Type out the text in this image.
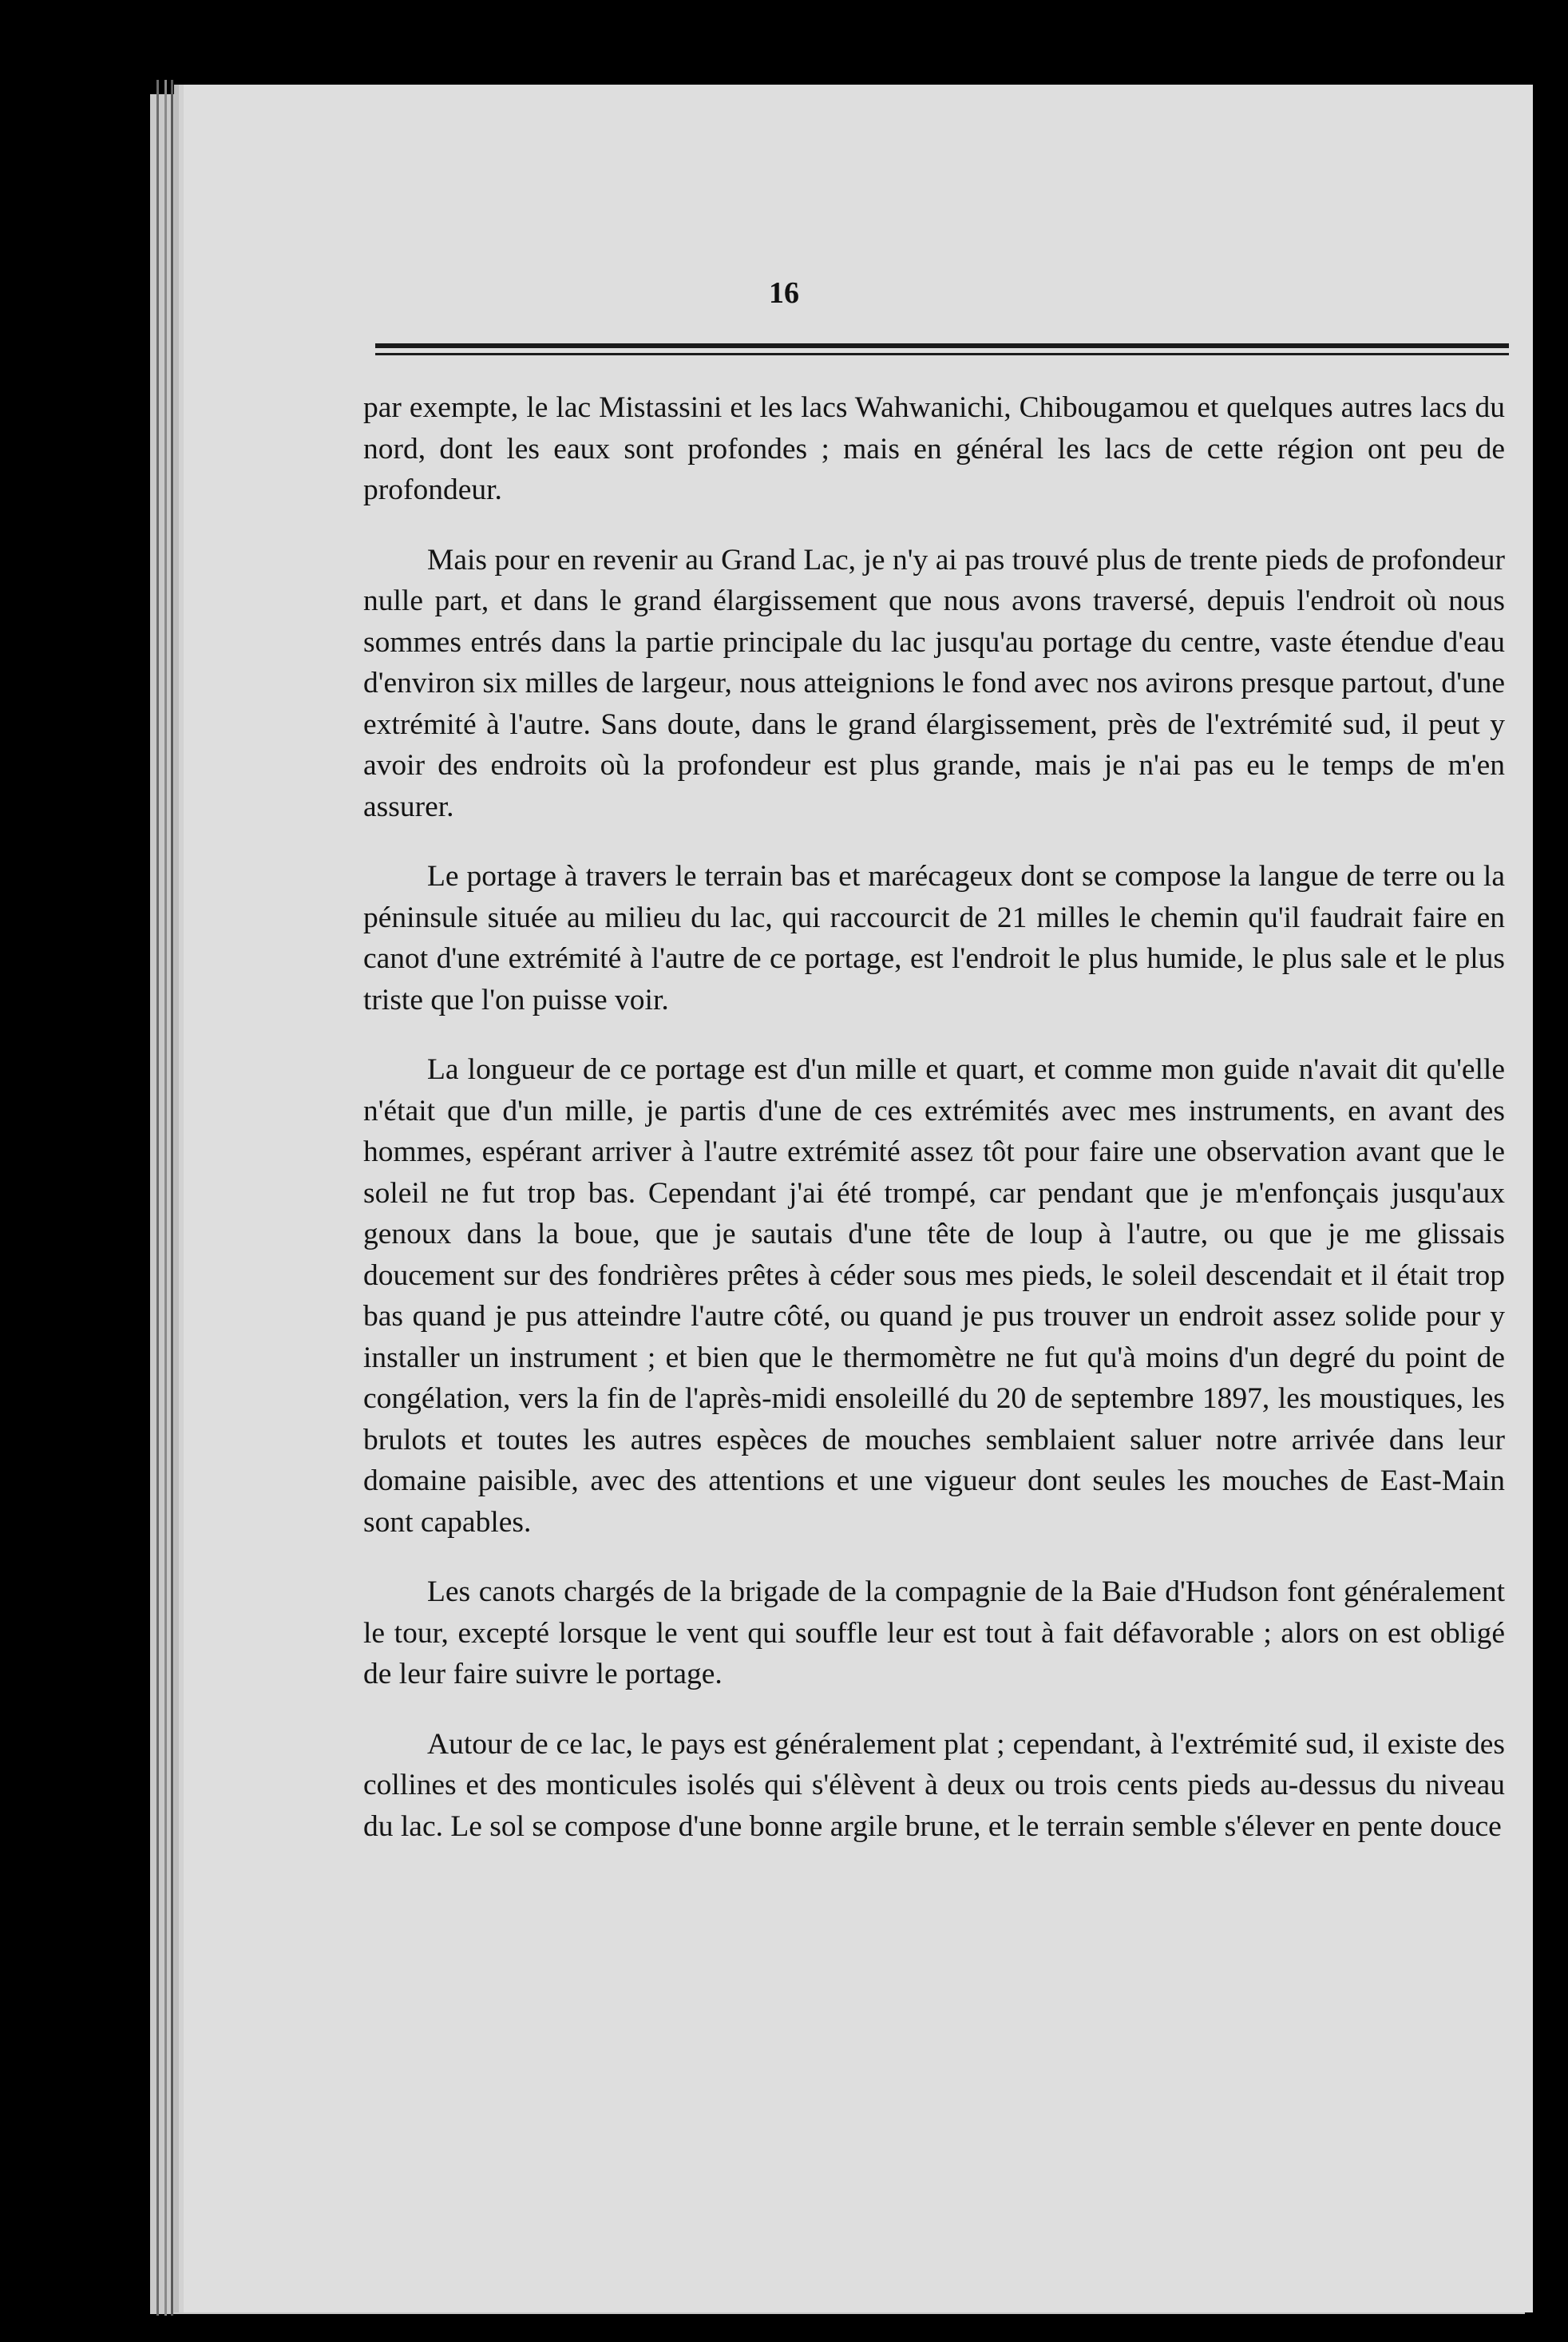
16

par exempte, le lac Mistassini et les lacs Wahwanichi, Chibougamou et quelques autres lacs du nord, dont les eaux sont profondes ; mais en général les lacs de cette région ont peu de profondeur.

Mais pour en revenir au Grand Lac, je n'y ai pas trouvé plus de trente pieds de profondeur nulle part, et dans le grand élargissement que nous avons traversé, depuis l'endroit où nous sommes entrés dans la partie principale du lac jusqu'au portage du centre, vaste étendue d'eau d'environ six milles de largeur, nous atteignions le fond avec nos avirons presque partout, d'une extrémité à l'autre. Sans doute, dans le grand élargissement, près de l'extrémité sud, il peut y avoir des endroits où la profondeur est plus grande, mais je n'ai pas eu le temps de m'en assurer.

Le portage à travers le terrain bas et marécageux dont se compose la langue de terre ou la péninsule située au milieu du lac, qui raccourcit de 21 milles le chemin qu'il faudrait faire en canot d'une extrémité à l'autre de ce portage, est l'endroit le plus humide, le plus sale et le plus triste que l'on puisse voir.

La longueur de ce portage est d'un mille et quart, et comme mon guide n'avait dit qu'elle n'était que d'un mille, je partis d'une de ces extrémités avec mes instruments, en avant des hommes, espérant arriver à l'autre extrémité assez tôt pour faire une observation avant que le soleil ne fut trop bas. Cependant j'ai été trompé, car pendant que je m'enfonçais jusqu'aux genoux dans la boue, que je sautais d'une tête de loup à l'autre, ou que je me glissais doucement sur des fondrières prêtes à céder sous mes pieds, le soleil descendait et il était trop bas quand je pus atteindre l'autre côté, ou quand je pus trouver un endroit assez solide pour y installer un instrument ; et bien que le thermomètre ne fut qu'à moins d'un degré du point de congélation, vers la fin de l'après-midi ensoleillé du 20 de septembre 1897, les moustiques, les brulots et toutes les autres espèces de mouches semblaient saluer notre arrivée dans leur domaine paisible, avec des attentions et une vigueur dont seules les mouches de East-Main sont capables.

Les canots chargés de la brigade de la compagnie de la Baie d'Hudson font généralement le tour, excepté lorsque le vent qui souffle leur est tout à fait défavorable ; alors on est obligé de leur faire suivre le portage.

Autour de ce lac, le pays est généralement plat ; cependant, à l'extrémité sud, il existe des collines et des monticules isolés qui s'élèvent à deux ou trois cents pieds au-dessus du niveau du lac. Le sol se compose d'une bonne argile brune, et le terrain semble s'élever en pente douce
